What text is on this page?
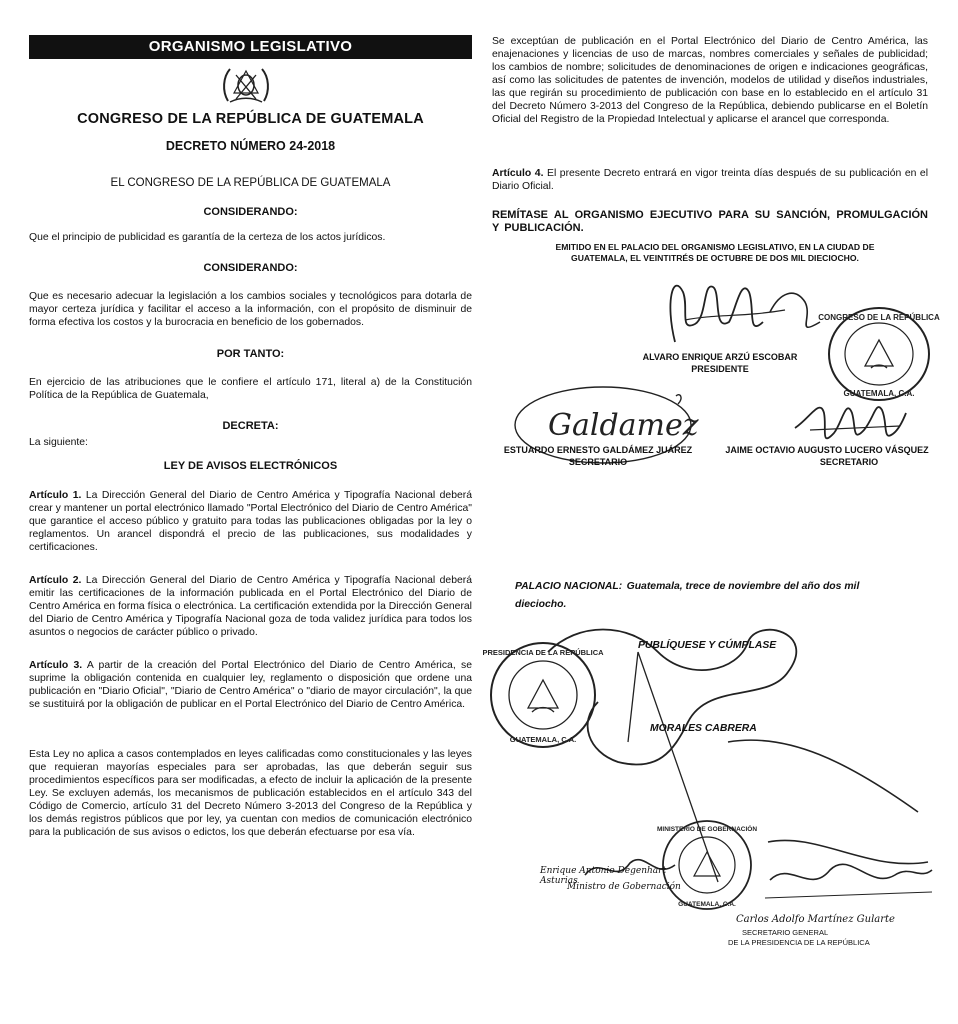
ORGANISMO LEGISLATIVO
CONGRESO DE LA REPÚBLICA DE GUATEMALA
DECRETO NÚMERO 24-2018
EL CONGRESO DE LA REPÚBLICA DE GUATEMALA
CONSIDERANDO:
Que el principio de publicidad es garantía de la certeza de los actos jurídicos.
CONSIDERANDO:
Que es necesario adecuar la legislación a los cambios sociales y tecnológicos para dotarla de mayor certeza jurídica y facilitar el acceso a la información, con el propósito de disminuir de forma efectiva los costos y la burocracia en beneficio de los gobernados.
POR TANTO:
En ejercicio de las atribuciones que le confiere el artículo 171, literal a) de la Constitución Política de la República de Guatemala,
DECRETA:
La siguiente:
LEY DE AVISOS ELECTRÓNICOS
Artículo 1. La Dirección General del Diario de Centro América y Tipografía Nacional deberá crear y mantener un portal electrónico llamado "Portal Electrónico del Diario de Centro América" que garantice el acceso público y gratuito para todas las publicaciones obligadas por la ley o reglamentos. Un arancel dispondrá el precio de las publicaciones, sus modalidades y certificaciones.
Artículo 2. La Dirección General del Diario de Centro América y Tipografía Nacional deberá emitir las certificaciones de la información publicada en el Portal Electrónico del Diario de Centro América en forma física o electrónica. La certificación extendida por la Dirección General del Diario de Centro América y Tipografía Nacional goza de toda validez jurídica para todos los asuntos o negocios de carácter público o privado.
Artículo 3. A partir de la creación del Portal Electrónico del Diario de Centro América, se suprime la obligación contenida en cualquier ley, reglamento o disposición que ordene una publicación en "Diario Oficial", "Diario de Centro América" o "diario de mayor circulación", la que se sustituirá por la obligación de publicar en el Portal Electrónico del Diario de Centro América.
Esta Ley no aplica a casos contemplados en leyes calificadas como constitucionales y las leyes que requieran mayorías especiales para ser aprobadas, las que deberán seguir sus procedimientos específicos para ser modificadas, a efecto de incluir la aplicación de la presente Ley. Se excluyen además, los mecanismos de publicación establecidos en el artículo 343 del Código de Comercio, artículo 31 del Decreto Número 3-2013 del Congreso de la República y los demás registros públicos que por ley, ya cuentan con medios de comunicación electrónico para la publicación de sus avisos o edictos, los que deberán efectuarse por esa vía.
Se exceptúan de publicación en el Portal Electrónico del Diario de Centro América, las enajenaciones y licencias de uso de marcas, nombres comerciales y señales de publicidad; los cambios de nombre; solicitudes de denominaciones de origen e indicaciones geográficas, así como las solicitudes de patentes de invención, modelos de utilidad y diseños industriales, las que regirán su procedimiento de publicación con base en lo establecido en el artículo 31 del Decreto Número 3-2013 del Congreso de la República, debiendo publicarse en el Boletín Oficial del Registro de la Propiedad Intelectual y aplicarse el arancel que corresponda.
Artículo 4. El presente Decreto entrará en vigor treinta días después de su publicación en el Diario Oficial.
REMÍTASE AL ORGANISMO EJECUTIVO PARA SU SANCIÓN, PROMULGACIÓN Y PUBLICACIÓN.
EMITIDO EN EL PALACIO DEL ORGANISMO LEGISLATIVO, EN LA CIUDAD DE GUATEMALA, EL VEINTITRÉS DE OCTUBRE DE DOS MIL DIECIOCHO.
CONGRESO DE LA REPÚBLICA
GUATEMALA, C.A.
ALVARO ENRIQUE ARZÚ ESCOBAR
PRESIDENTE
Galdamez
ESTUARDO ERNESTO GALDÁMEZ JUÁREZ
SECRETARIO
JAIME OCTAVIO AUGUSTO LUCERO VÁSQUEZ
SECRETARIO
PALACIO NACIONAL: Guatemala, trece de noviembre del año dos mil dieciocho.
PUBLÍQUESE Y CÚMPLASE
PRESIDENCIA DE LA REPÚBLICA
GUATEMALA, C.A.
MORALES CABRERA
MINISTERIO DE GOBERNACIÓN
GUATEMALA, C.A.
Enrique Antonio Degenhart Asturias
Ministro de Gobernación
Carlos Adolfo Martínez Gularte
SECRETARIO GENERAL
DE LA PRESIDENCIA DE LA REPÚBLICA
